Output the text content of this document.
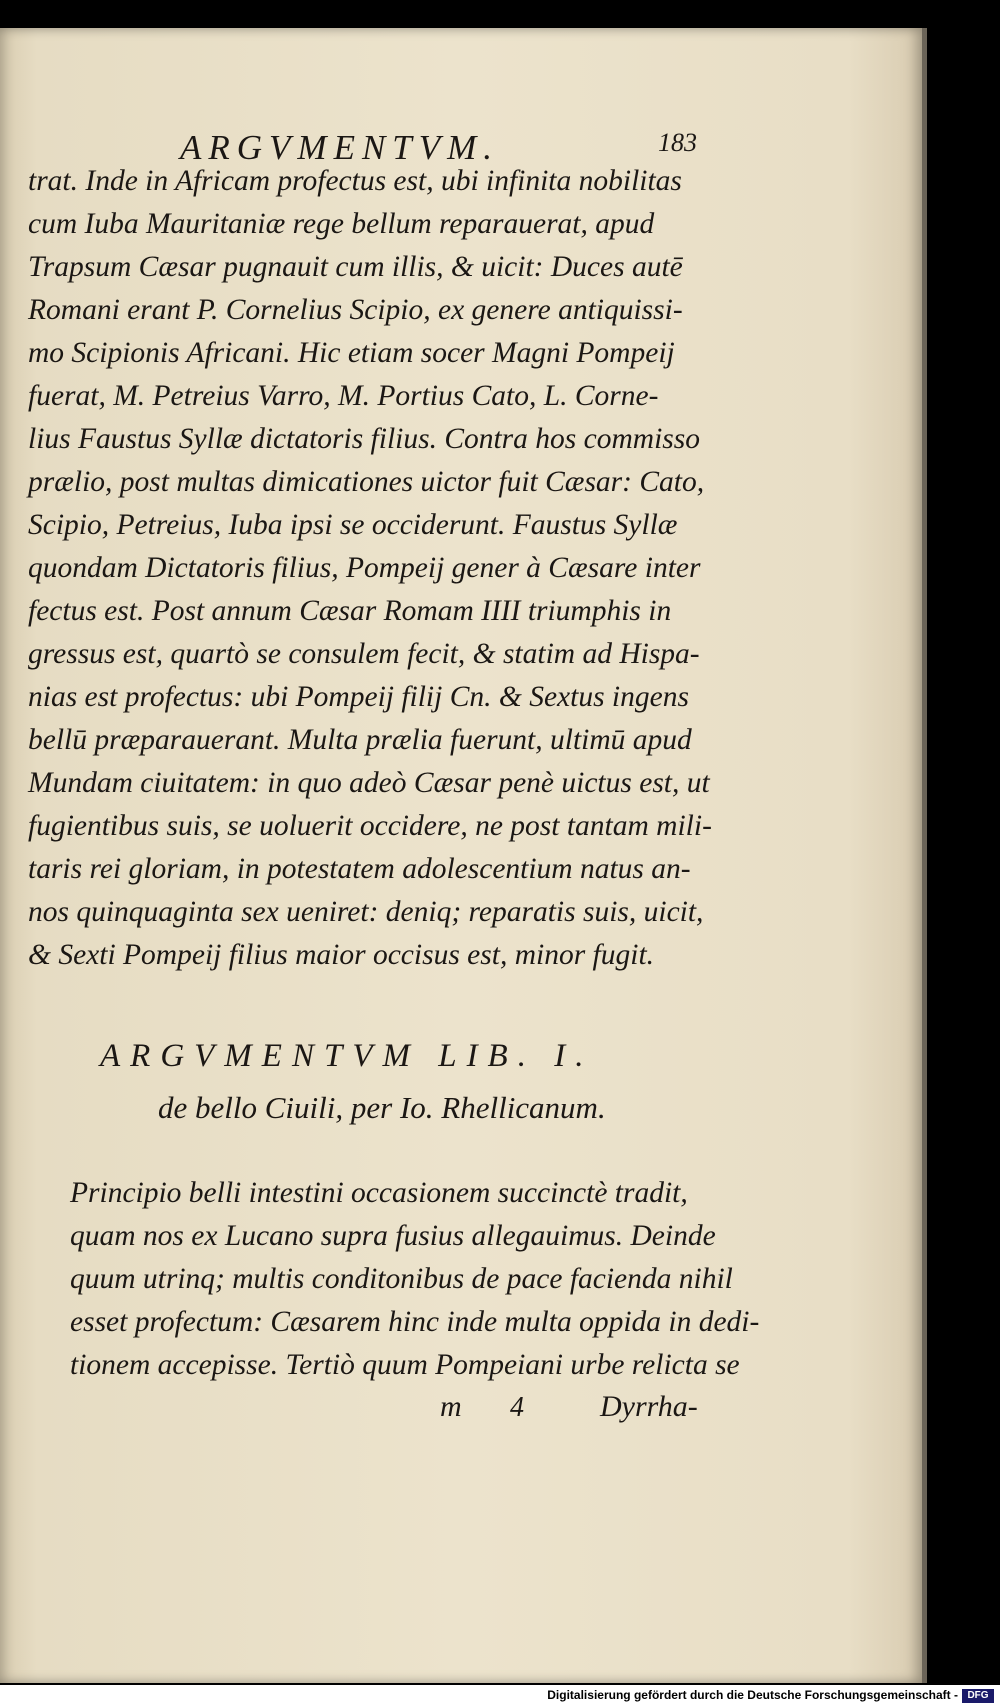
ARGVMENTVM.	183
trat. Inde in Africam profectus est, ubi infinita nobilitas
cum Iuba Mauritaniæ rege bellum reparauerat, apud
Trapsum Cæsar pugnauit cum illis, & uicit: Duces autē
Romani erant P. Cornelius Scipio, ex genere antiquissi-
mo Scipionis Africani. Hic etiam socer Magni Pompeij
fuerat, M. Petreius Varro, M. Portius Cato, L. Corne-
lius Faustus Syllæ dictatoris filius. Contra hos commisso
prælio, post multas dimicationes uictor fuit Cæsar: Cato,
Scipio, Petreius, Iuba ipsi se occiderunt. Faustus Syllæ
quondam Dictatoris filius, Pompeij gener à Cæsare inter
fectus est. Post annum Cæsar Romam IIII triumphis in
gressus est, quartò se consulem fecit, & statim ad Hispa-
nias est profectus: ubi Pompeij filij Cn. & Sextus ingens
bellū præparauerant. Multa prælia fuerunt, ultimū apud
Mundam ciuitatem: in quo adeò Cæsar penè uictus est, ut
fugientibus suis, se uoluerit occidere, ne post tantam mili-
taris rei gloriam, in potestatem adolescentium natus an-
nos quinquaginta sex ueniret: deniq; reparatis suis, uicit,
& Sexti Pompeij filius maior occisus est, minor fugit.
ARGVMENTVM LIB. I.
de bello Ciuili, per Io. Rhellicanum.
Principio belli intestini occasionem succinctè tradit,
quam nos ex Lucano supra fusius allegauimus. Deinde
quum utrinq; multis conditonibus de pace facienda nihil
esset profectum: Cæsarem hinc inde multa oppida in dedi-
tionem accepisse. Tertiò quum Pompeiani urbe relicta se
m 4	Dyrrha-
Digitalisierung gefördert durch die Deutsche Forschungsgemeinschaft - DFG
